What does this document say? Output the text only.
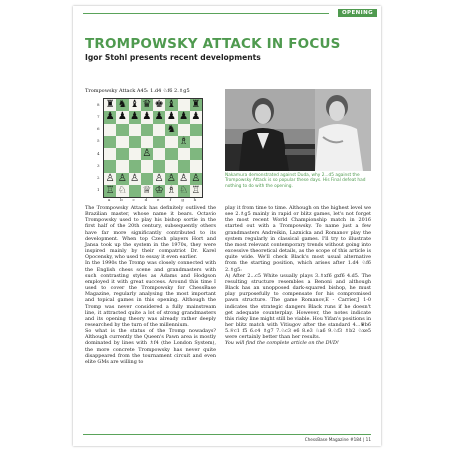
OPENING
TROMPOWSKY ATTACK IN FOCUS
Igor Stohl presents recent developments
Trompowsky Attack A45: 1.d4 ♘f6 2.♗g5
8
7
6
5
4
3
2
1
♜ ♞ ♝ ♛ ♚ ♝ ♜
♟ ♟ ♟ ♟ ♟ ♟ ♟ ♟
♞
♗
♙
♙ ♙ ♙ ♙ ♙ ♙ ♙
♖ ♘ ♕ ♔ ♗ ♘ ♖
a	b	c	d	e	f	g	h
Nakamura demonstrated against Duda, why 2...d5 against the Trompowsky Attack is so popular these days. His Final defeat had nothing to do with the opening.

The Trompowsky Attack has definitely outlived the Brazilian master, whose name it bears. Octavio Trompowsky used to play his bishop sortie in the first half of the 20th century, subsequently others have far more significantly contributed to its development. When top Czech players Hort and Jansa took up the system in the 1970s, they were inspired mainly by their compatriot Dr. Karel Opocensky, who used to essay it even earlier.

In the 1990s the Tromp was closely connected with the English chess scene and grandmasters with such contrasting styles as Adams and Hodgson employed it with great success. Around this time I used to cover the Trompowsky for ChessBase Magazine, regularly analysing the most important and topical games in this opening. Although the Tromp was never considered a fully mainstream line, it attracted quite a lot of strong grandmasters and its opening theory was already rather deeply researched by the turn of the millennium.

So what is the status of the Tromp nowadays? Although currently the Queen's Pawn area is mostly dominated by lines with ♗f4 (the London System), the more concrete Trompowsky has never quite disappeared from the tournament circuit and even elite GMs are willing to

play it from time to time. Although on the highest level we see 2.♗g5 mainly in rapid or blitz games, let's not forget the most recent World Championship match in 2016 started out with a Trompowsky. To name just a few grandmasters Andreikin, Laznicka and Romanov play the system regularly in classical games. I'll try to illustrate the most relevant contemporary trends without going into excessive theoretical details, as the scope of this article is quite wide. We'll check Black's most usual alternative from the starting position, which arises after 1.d4 ♘f6 2.♗g5:

A) After 2...c5 White usually plays 3.♗xf6 gxf6 4.d5. The resulting structure resembles a Benoni and although Black has an unopposed dark-squared bishop, he must play purposefully to compensate for his compromised pawn structure. The game Romanov,E - Carrier,J 1-0 indicates the strategic dangers Black runs if he doesn't get adequate counterplay. However, the notes indicate this risky line might still be viable. Hou Yifan's positions in her blitz match with Vitiugov after the standard 4...♛b6 5.♕c1 f5 6.c4 ♗g7 7.♘c3 e6 8.e3 ♘a6 9.♘f3 ♗b2 ♘xe5 were certainly better than her results.

You will find the complete article on the DVD!

ChessBase Magazine #184 | 11
